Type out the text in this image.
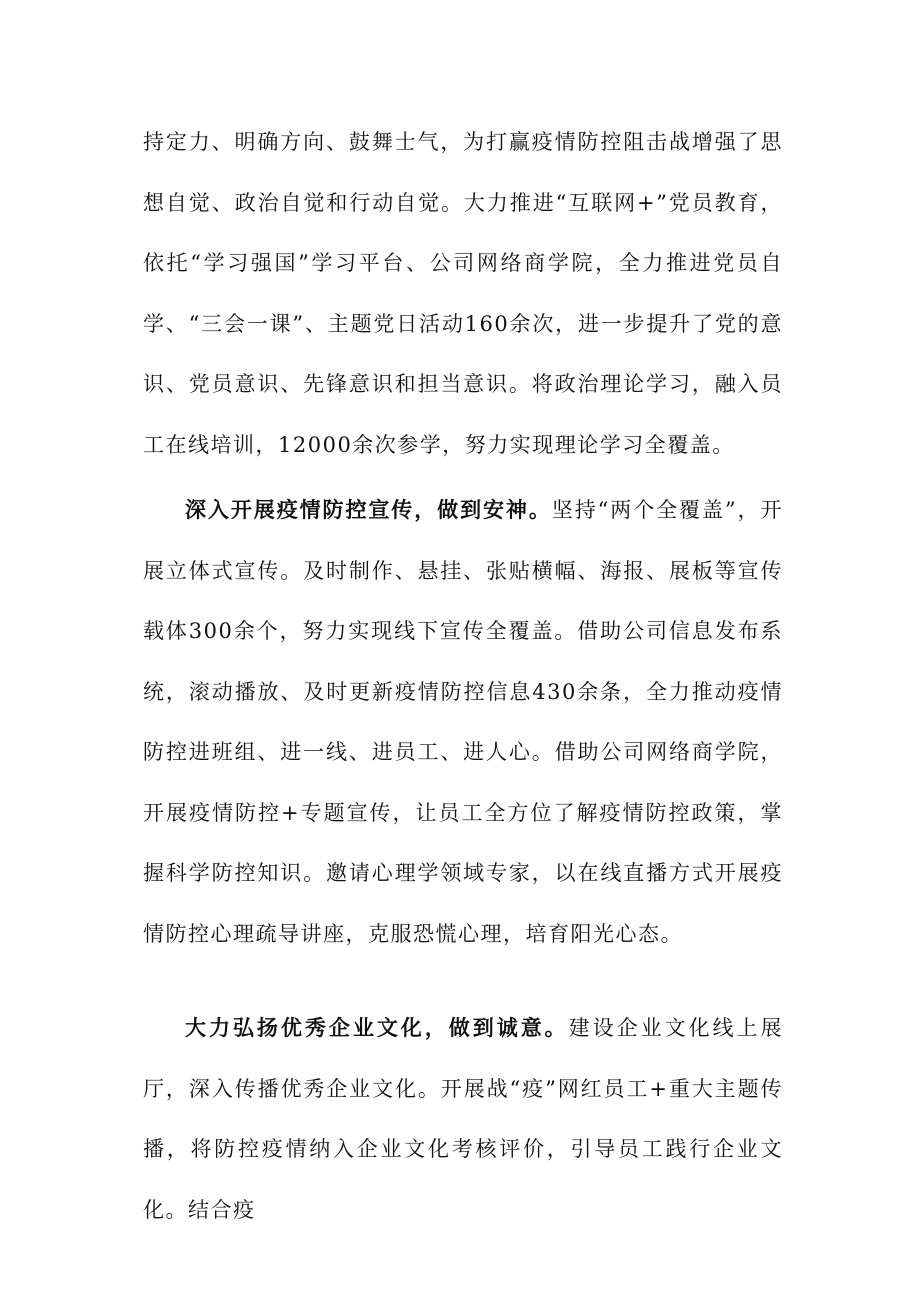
持定力、明确方向、鼓舞士气，为打赢疫情防控阻击战增强了思想自觉、政治自觉和行动自觉。大力推进“互联网+”党员教育，依托“学习强国”学习平台、公司网络商学院，全力推进党员自学、“三会一课”、主题党日活动160余次，进一步提升了党的意识、党员意识、先锋意识和担当意识。将政治理论学习，融入员工在线培训，12000余次参学，努力实现理论学习全覆盖。

深入开展疫情防控宣传，做到安神。坚持“两个全覆盖”，开展立体式宣传。及时制作、悬挂、张贴横幅、海报、展板等宣传载体300余个，努力实现线下宣传全覆盖。借助公司信息发布系统，滚动播放、及时更新疫情防控信息430余条，全力推动疫情防控进班组、进一线、进员工、进人心。借助公司网络商学院，开展疫情防控+专题宣传，让员工全方位了解疫情防控政策，掌握科学防控知识。邀请心理学领域专家，以在线直播方式开展疫情防控心理疏导讲座，克服恐慌心理，培育阳光心态。

大力弘扬优秀企业文化，做到诚意。建设企业文化线上展厅，深入传播优秀企业文化。开展战“疫”网红员工+重大主题传播，将防控疫情纳入企业文化考核评价，引导员工践行企业文化。结合疫
